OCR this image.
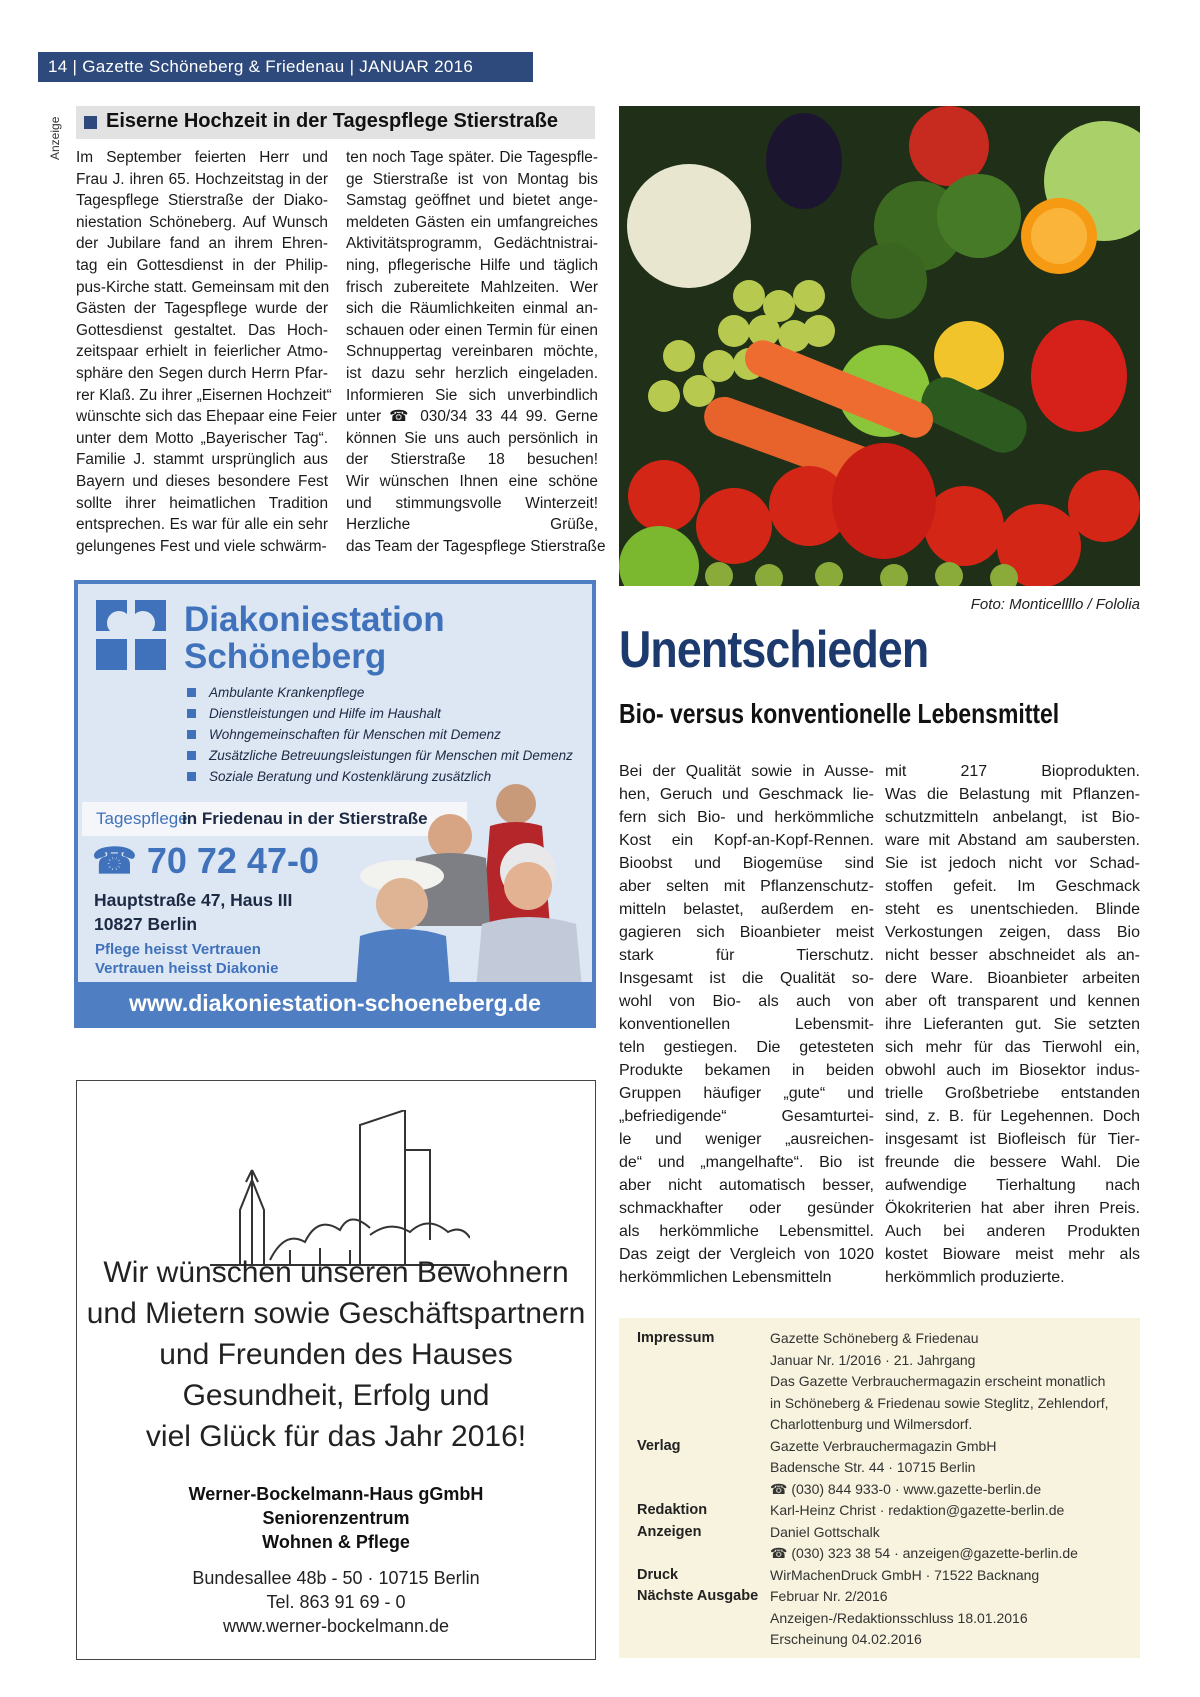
14 | Gazette Schöneberg & Friedenau | JANUAR 2016
Anzeige Eiserne Hochzeit in der Tagespflege Stierstraße
Im September feierten Herr und
Frau J. ihren 65. Hochzeitstag in der
Tagespflege Stierstraße der Diako-
niestation Schöneberg. Auf Wunsch
der Jubilare fand an ihrem Ehren-
tag ein Gottesdienst in der Philip-
pus-Kirche statt. Gemeinsam mit den
Gästen der Tagespflege wurde der
Gottesdienst gestaltet. Das Hoch-
zeitspaar erhielt in feierlicher Atmo-
sphäre den Segen durch Herrn Pfar-
rer Klaß. Zu ihrer „Eisernen Hochzeit“
wünschte sich das Ehepaar eine Feier
unter dem Motto „Bayerischer Tag“.
Familie J. stammt ursprünglich aus
Bayern und dieses besondere Fest
sollte ihrer heimatlichen Tradition
entsprechen. Es war für alle ein sehr
gelungenes Fest und viele schwärm-
ten noch Tage später. Die Tagespfle-
ge Stierstraße ist von Montag bis
Samstag geöffnet und bietet ange-
meldeten Gästen ein umfangreiches
Aktivitätsprogramm, Gedächtnistrai-
ning, pflegerische Hilfe und täglich
frisch zubereitete Mahlzeiten. Wer
sich die Räumlichkeiten einmal an-
schauen oder einen Termin für einen
Schnuppertag vereinbaren möchte,
ist dazu sehr herzlich eingeladen.
Informieren Sie sich unverbindlich
unter ☎ 030/34 33 44 99. Gerne
können Sie uns auch persönlich in
der Stierstraße 18 besuchen!
Wir wünschen Ihnen eine schöne
und stimmungsvolle Winterzeit!
Herzliche Grüße,
das Team der Tagespflege Stierstraße
Foto: Monticellllo / Fololia
Diakoniestation
Schöneberg
Ambulante Krankenpflege
Dienstleistungen und Hilfe im Haushalt
Wohngemeinschaften für Menschen mit Demenz
Zusätzliche Betreuungsleistungen für Menschen mit Demenz
Soziale Beratung und Kostenklärung zusätzlich
Tagespflege
in Friedenau in der Stierstraße
☎ 70 72 47-0
Hauptstraße 47, Haus III
10827 Berlin
Pflege heisst Vertrauen
Vertrauen heisst Diakonie
www.diakoniestation-schoeneberg.de
Wir wünschen unseren Bewohnern
und Mietern sowie Geschäftspartnern
und Freunden des Hauses
Gesundheit, Erfolg und
viel Glück für das Jahr 2016!
Werner-Bockelmann-Haus gGmbH
Seniorenzentrum
Wohnen & Pflege
Bundesallee 48b - 50 · 10715 Berlin
Tel. 863 91 69 - 0
www.werner-bockelmann.de
Unentschieden
Bio- versus konventionelle Lebensmittel
Bei der Qualität sowie in Ausse-
hen, Geruch und Geschmack lie-
fern sich Bio- und herkömmliche
Kost ein Kopf-an-Kopf-Rennen.
Bioobst und Biogemüse sind
aber selten mit Pflanzenschutz-
mitteln belastet, außerdem en-
gagieren sich Bioanbieter meist
stark für Tierschutz.
Insgesamt ist die Qualität so-
wohl von Bio- als auch von
konventionellen Lebensmit-
teln gestiegen. Die getesteten
Produkte bekamen in beiden
Gruppen häufiger „gute“ und
„befriedigende“ Gesamturtei-
le und weniger „ausreichen-
de“ und „mangelhafte“. Bio ist
aber nicht automatisch besser,
schmackhafter oder gesünder
als herkömmliche Lebensmittel.
Das zeigt der Vergleich von 1020
herkömmlichen Lebensmitteln
mit 217 Bioprodukten.
Was die Belastung mit Pflanzen-
schutzmitteln anbelangt, ist Bio-
ware mit Abstand am saubersten.
Sie ist jedoch nicht vor Schad-
stoffen gefeit. Im Geschmack
steht es unentschieden. Blinde
Verkostungen zeigen, dass Bio
nicht besser abschneidet als an-
dere Ware. Bioanbieter arbeiten
aber oft transparent und kennen
ihre Lieferanten gut. Sie setzten
sich mehr für das Tierwohl ein,
obwohl auch im Biosektor indus-
trielle Großbetriebe entstanden
sind, z. B. für Legehennen. Doch
insgesamt ist Biofleisch für Tier-
freunde die bessere Wahl. Die
aufwendige Tierhaltung nach
Ökokriterien hat aber ihren Preis.
Auch bei anderen Produkten
kostet Bioware meist mehr als
herkömmlich produzierte.
Impressum
Verlag
Redaktion
Anzeigen
Druck
Nächste Ausgabe
Gazette Schöneberg & Friedenau
Januar Nr. 1/2016 · 21. Jahrgang
Das Gazette Verbrauchermagazin erscheint monatlich
in Schöneberg & Friedenau sowie Steglitz, Zehlendorf,
Charlottenburg und Wilmersdorf.
Gazette Verbrauchermagazin GmbH
Badensche Str. 44 · 10715 Berlin
☎ (030) 844 933-0 · www.gazette-berlin.de
Karl-Heinz Christ · redaktion@gazette-berlin.de
Daniel Gottschalk
☎ (030) 323 38 54 · anzeigen@gazette-berlin.de
WirMachenDruck GmbH · 71522 Backnang
Februar Nr. 2/2016
Anzeigen-/Redaktionsschluss 18.01.2016
Erscheinung 04.02.2016
